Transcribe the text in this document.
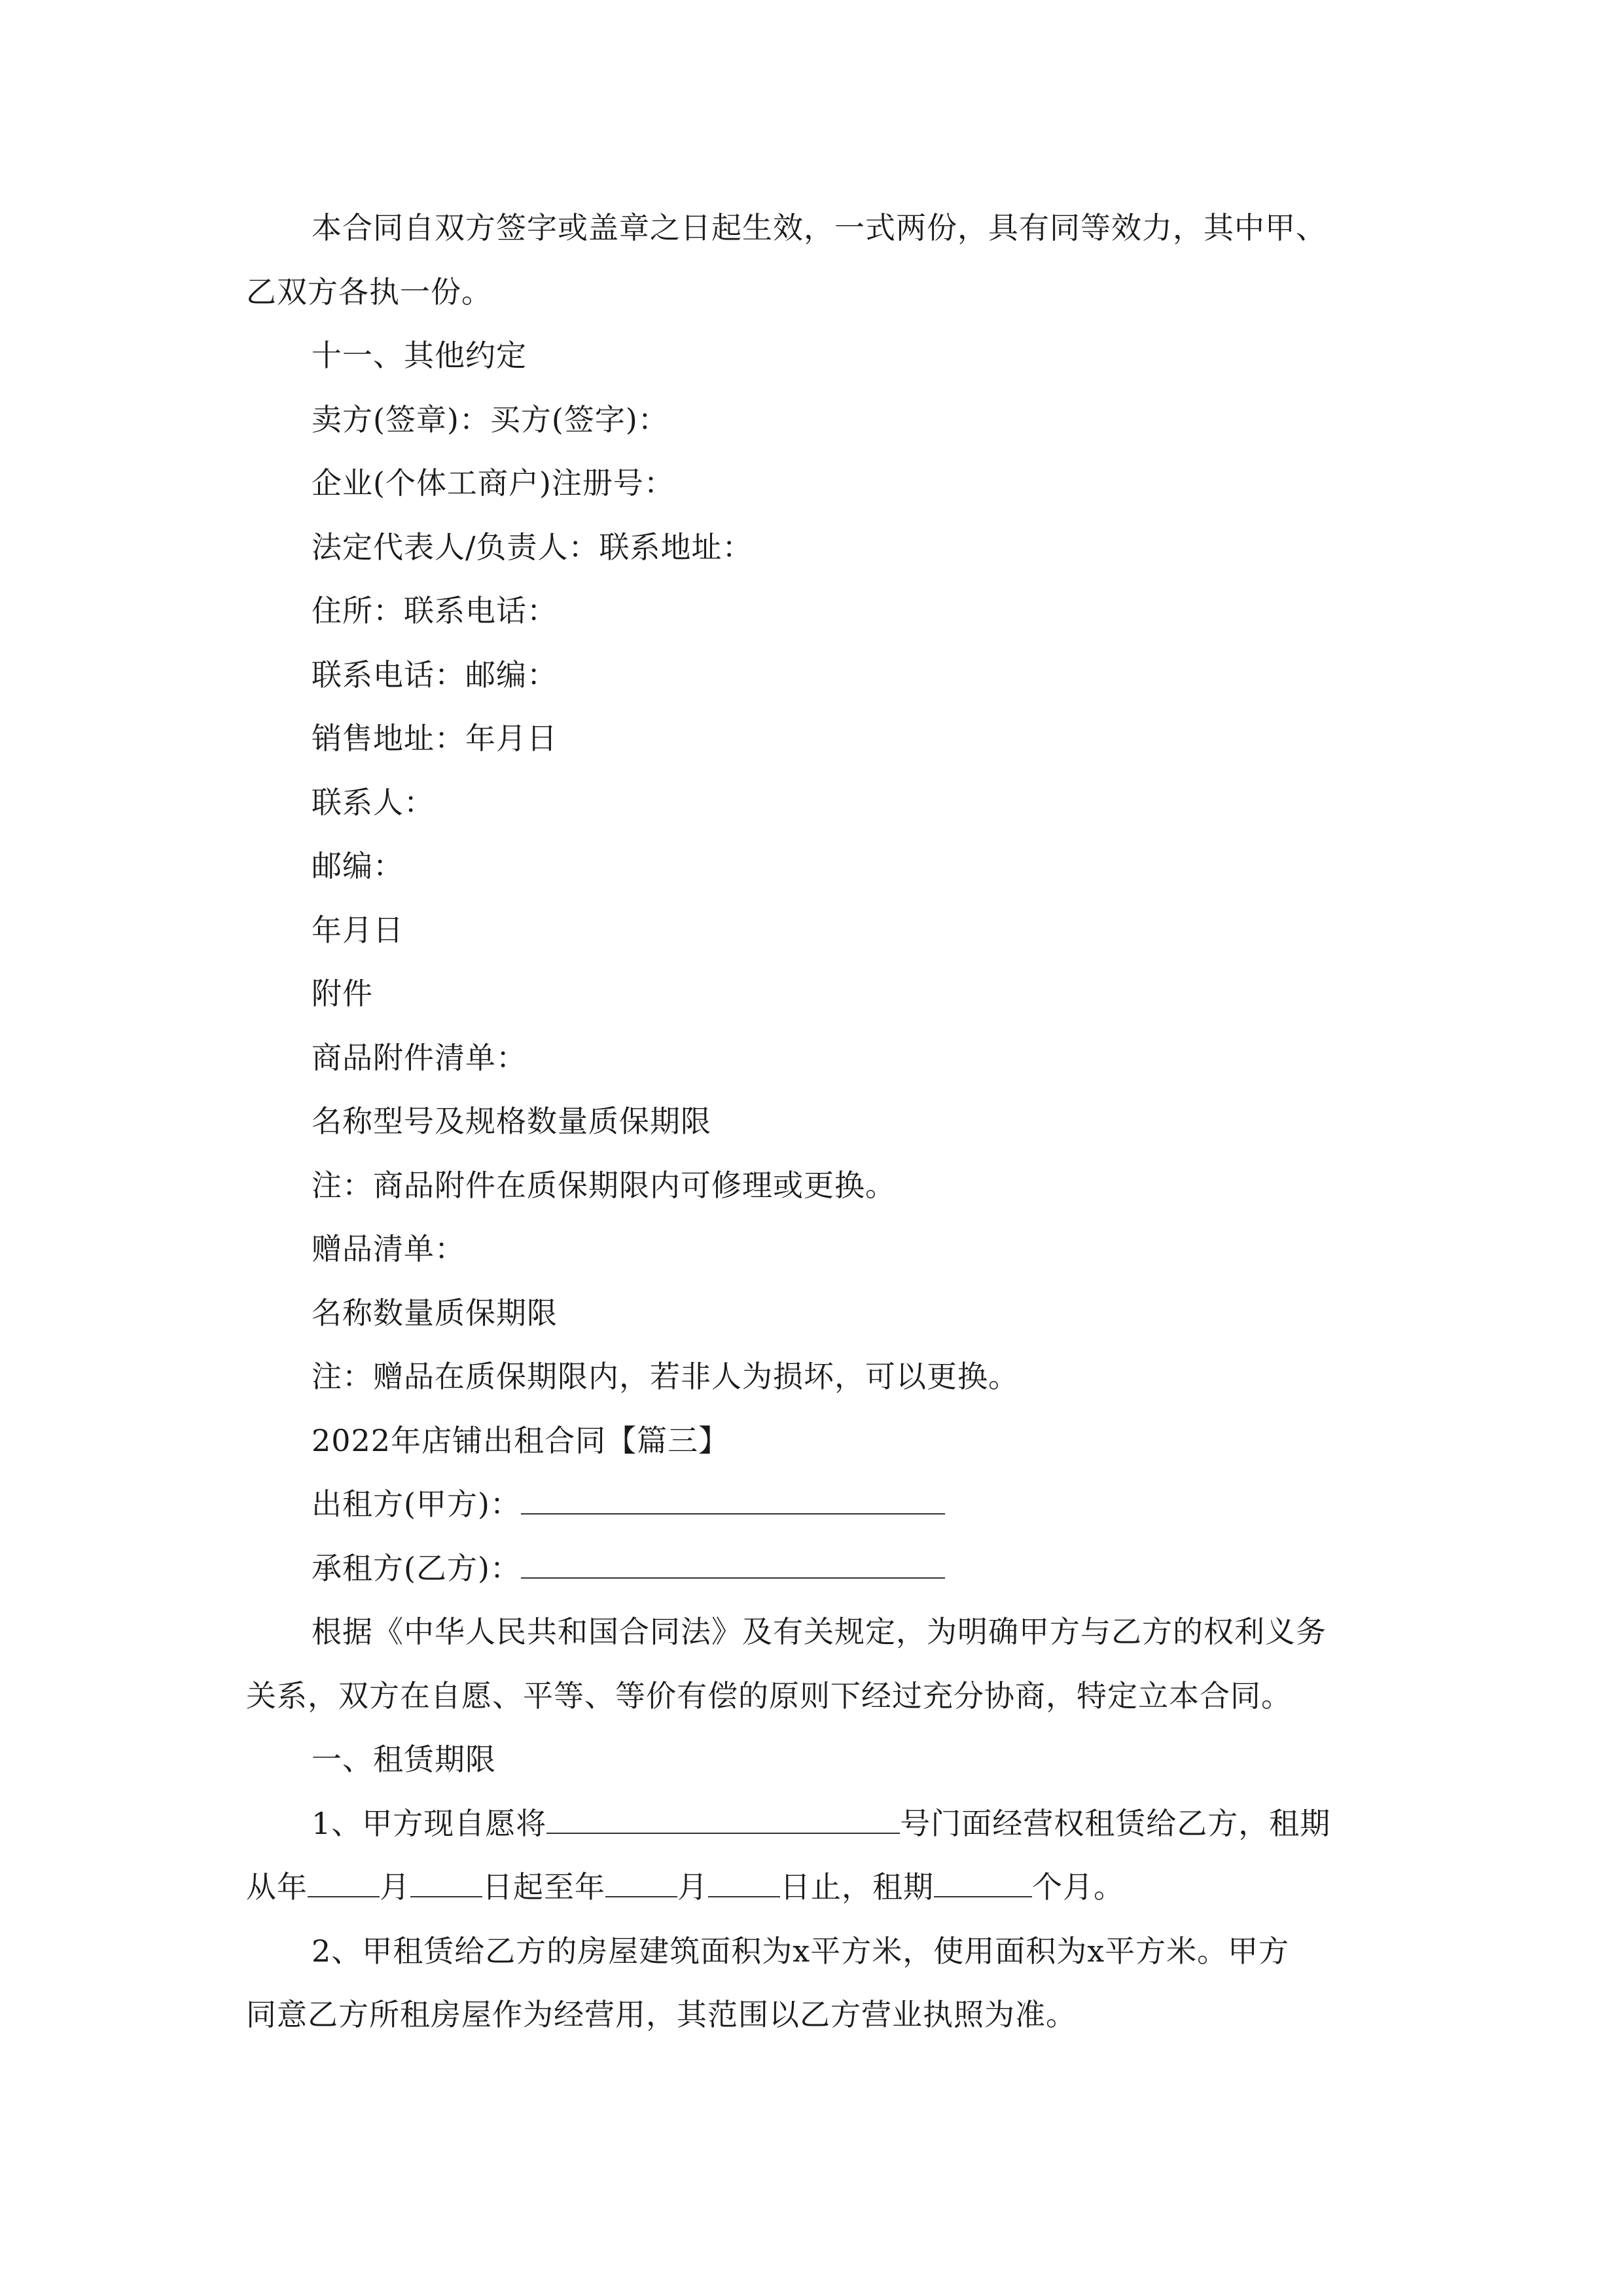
本合同自双方签字或盖章之日起生效，一式两份，具有同等效力，其中甲、
乙双方各执一份。
十一、其他约定
卖方(签章)：买方(签字)：
企业(个体工商户)注册号：
法定代表人/负责人：联系地址：
住所：联系电话：
联系电话：邮编：
销售地址：年月日
联系人：
邮编：
年月日
附件
商品附件清单：
名称型号及规格数量质保期限
注：商品附件在质保期限内可修理或更换。
赠品清单：
名称数量质保期限
注：赠品在质保期限内，若非人为损坏，可以更换。
2022年店铺出租合同【篇三】
出租方(甲方)：
承租方(乙方)：
根据《中华人民共和国合同法》及有关规定，为明确甲方与乙方的权利义务
关系，双方在自愿、平等、等价有偿的原则下经过充分协商，特定立本合同。
一、租赁期限
1、甲方现自愿将	号门面经营权租赁给乙方，租期
从年 月 日起至年 月 日止，租期	个月。
2、甲租赁给乙方的房屋建筑面积为x平方米，使用面积为x平方米。甲方
同意乙方所租房屋作为经营用，其范围以乙方营业执照为准。
